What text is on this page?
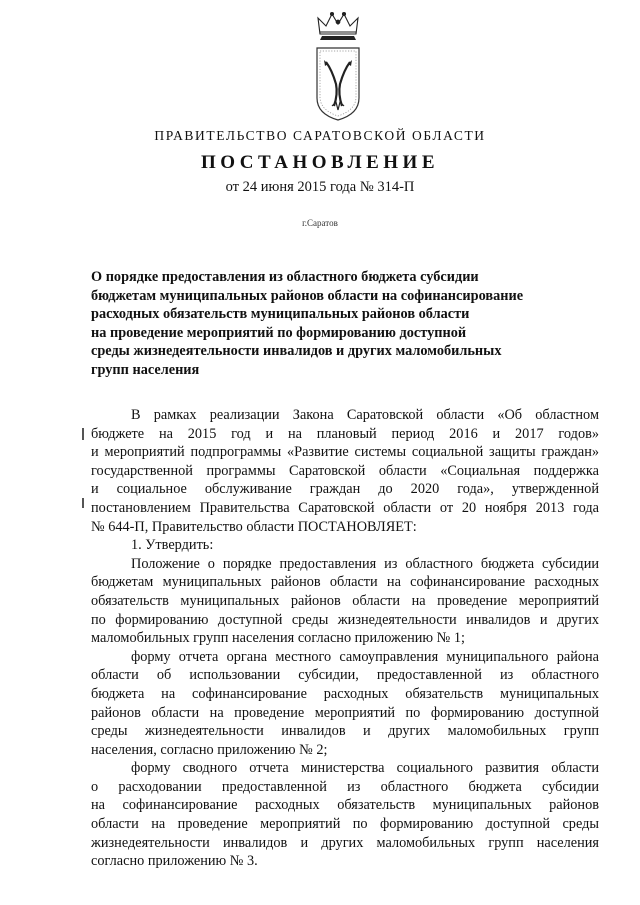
ПРАВИТЕЛЬСТВО САРАТОВСКОЙ ОБЛАСТИ
ПОСТАНОВЛЕНИЕ
от 24 июня 2015 года № 314-П
г.Саратов
О порядке предоставления из областного бюджета субсидии
бюджетам муниципальных районов области на софинансирование
расходных обязательств муниципальных районов области
на проведение мероприятий по формированию доступной
среды жизнедеятельности инвалидов и других маломобильных
групп населения
В рамках реализации Закона Саратовской области «Об областном
бюджете на 2015 год и на плановый период 2016 и 2017 годов»
и мероприятий подпрограммы «Развитие системы социальной защиты граждан»
государственной программы Саратовской области «Социальная поддержка
и социальное обслуживание граждан до 2020 года», утвержденной
постановлением Правительства Саратовской области от 20 ноября 2013 года
№ 644-П, Правительство области ПОСТАНОВЛЯЕТ:
1. Утвердить:
Положение о порядке предоставления из областного бюджета субсидии
бюджетам муниципальных районов области на софинансирование расходных
обязательств муниципальных районов области на проведение мероприятий
по формированию доступной среды жизнедеятельности инвалидов и других
маломобильных групп населения согласно приложению № 1;
форму отчета органа местного самоуправления муниципального района
области об использовании субсидии, предоставленной из областного
бюджета на софинансирование расходных обязательств муниципальных
районов области на проведение мероприятий по формированию доступной
среды жизнедеятельности инвалидов и других маломобильных групп
населения, согласно приложению № 2;
форму сводного отчета министерства социального развития области
о расходовании предоставленной из областного бюджета субсидии
на софинансирование расходных обязательств муниципальных районов
области на проведение мероприятий по формированию доступной среды
жизнедеятельности инвалидов и других маломобильных групп населения
согласно приложению № 3.
